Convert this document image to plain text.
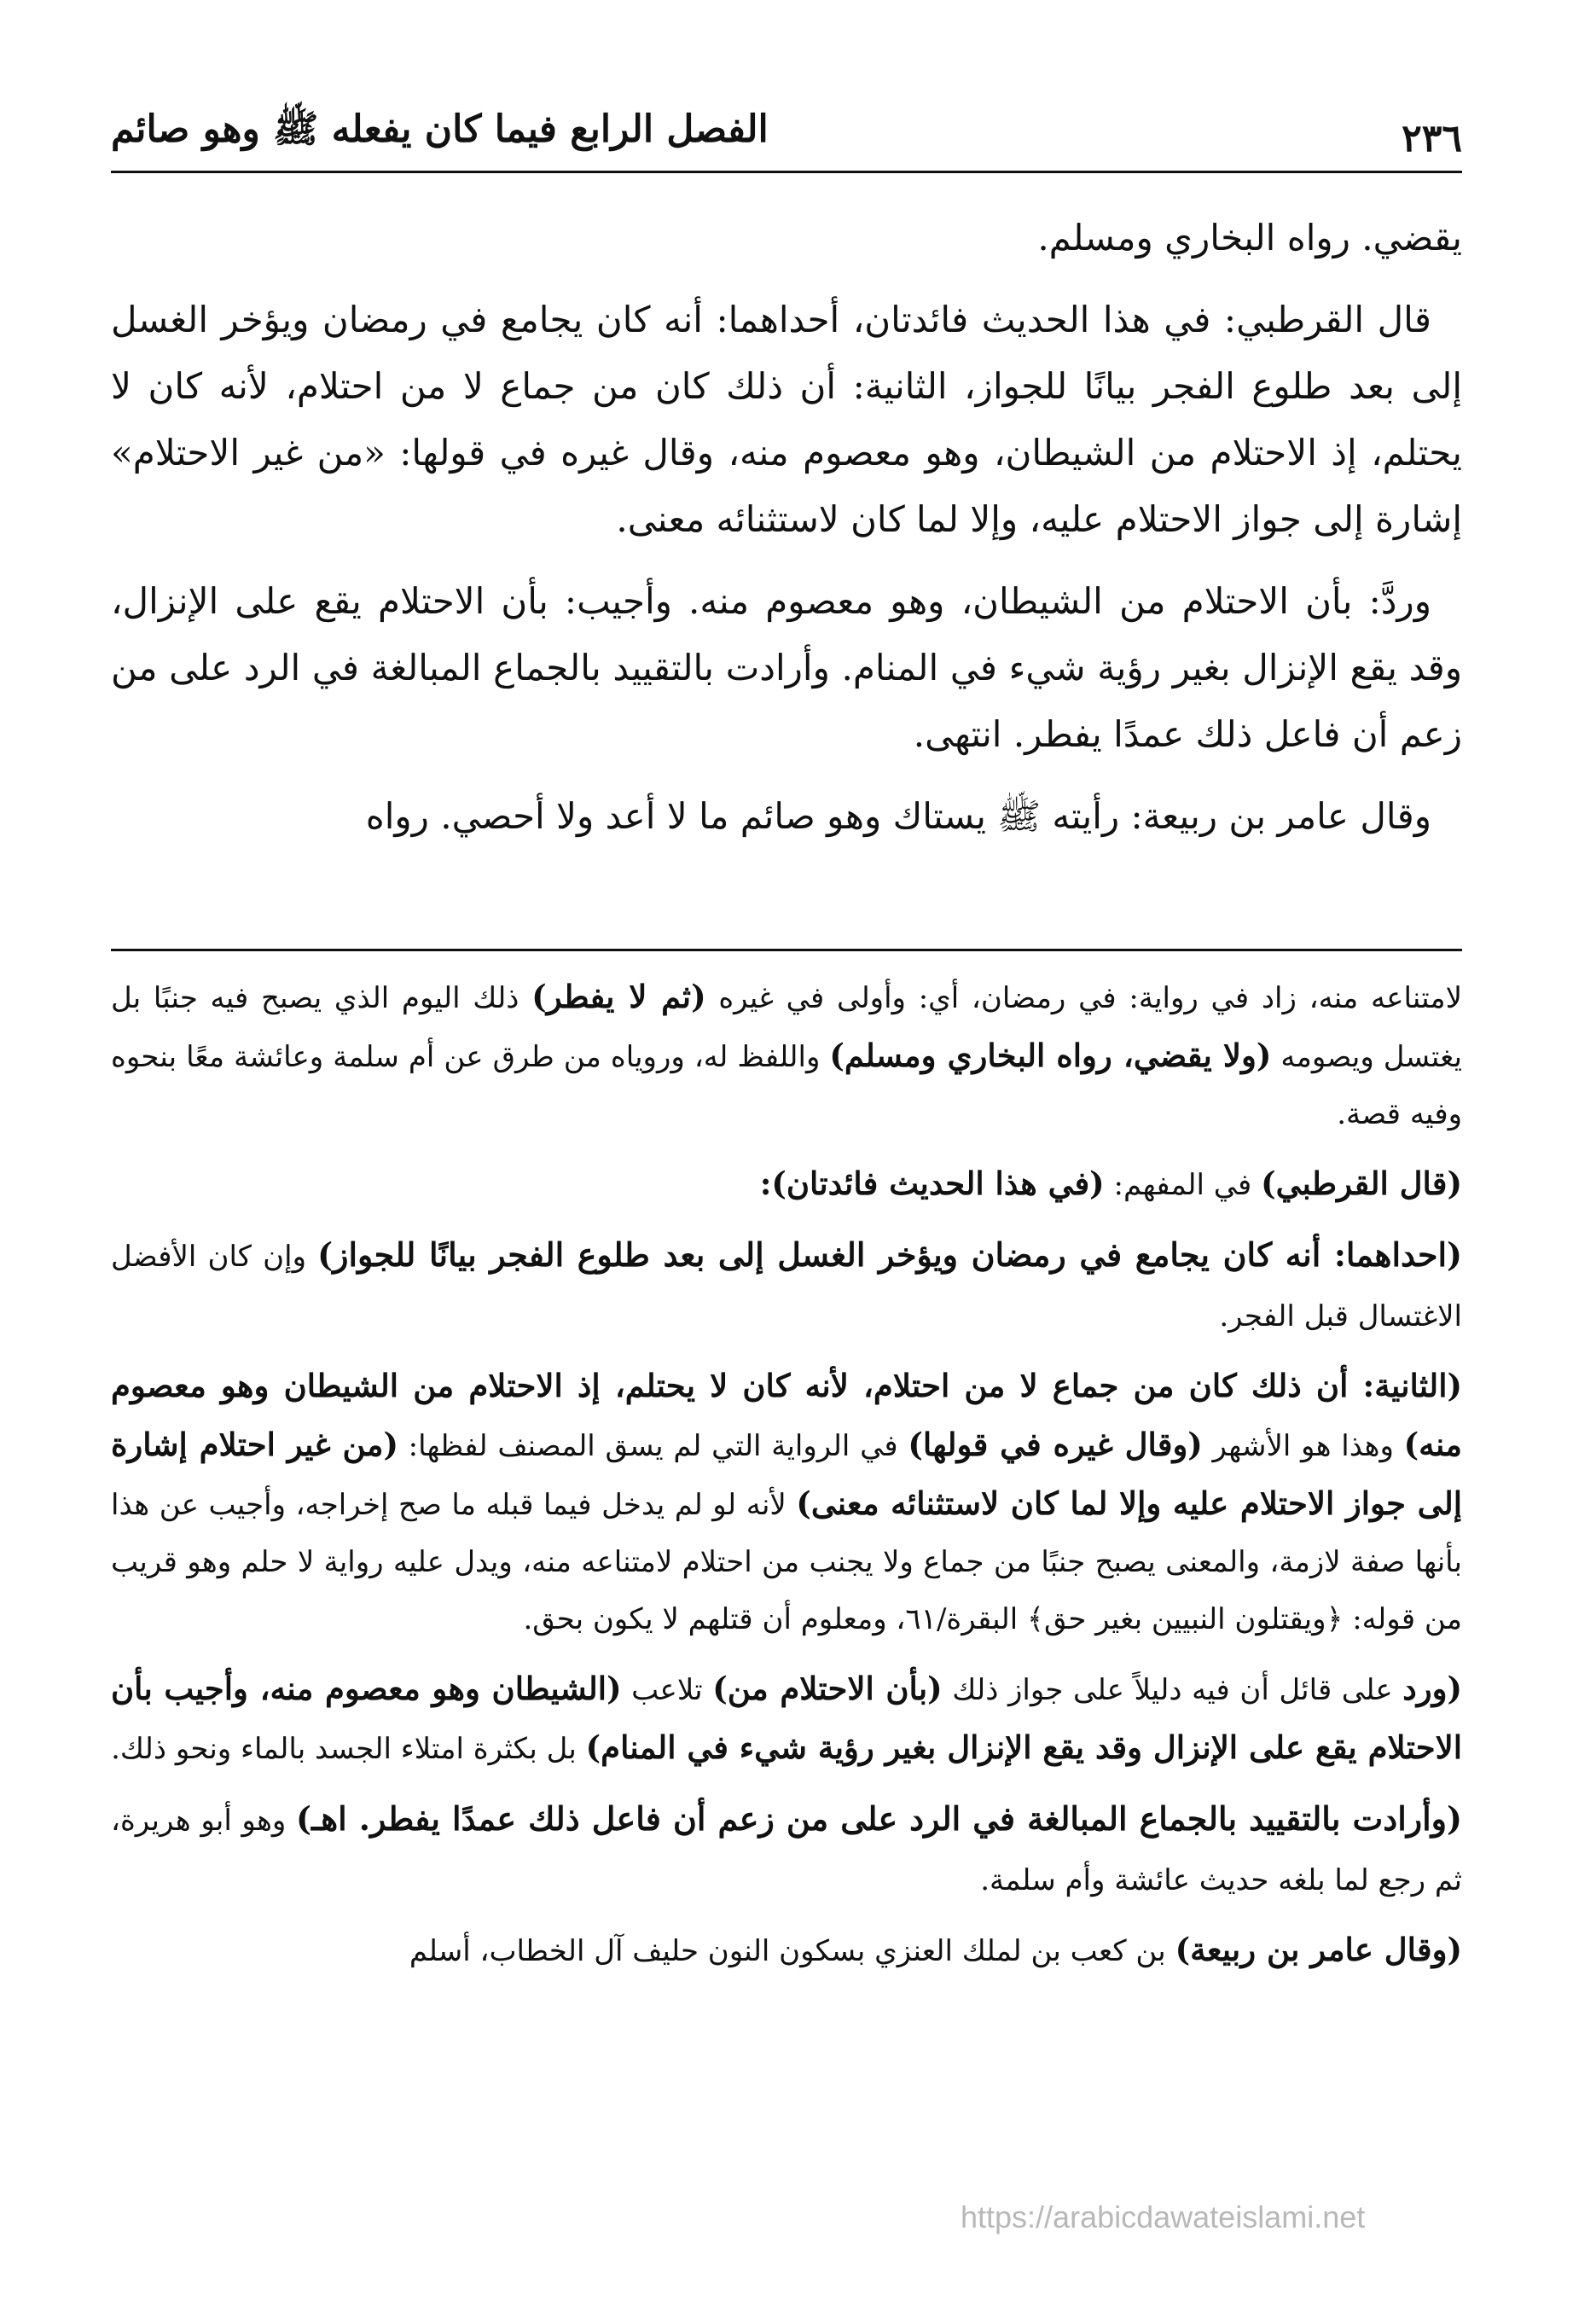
٢٣٦
الفصل الرابع فيما كان يفعله ﷺ وهو صائم

يقضي. رواه البخاري ومسلم.

قال القرطبي: في هذا الحديث فائدتان، أحداهما: أنه كان يجامع في رمضان ويؤخر الغسل إلى بعد طلوع الفجر بيانًا للجواز، الثانية: أن ذلك كان من جماع لا من احتلام، لأنه كان لا يحتلم، إذ الاحتلام من الشيطان، وهو معصوم منه، وقال غيره في قولها: «من غير الاحتلام» إشارة إلى جواز الاحتلام عليه، وإلا لما كان لاستثنائه معنى.

وردَّ: بأن الاحتلام من الشيطان، وهو معصوم منه. وأجيب: بأن الاحتلام يقع على الإنزال، وقد يقع الإنزال بغير رؤية شيء في المنام. وأرادت بالتقييد بالجماع المبالغة في الرد على من زعم أن فاعل ذلك عمدًا يفطر. انتهى.

وقال عامر بن ربيعة: رأيته ﷺ يستاك وهو صائم ما لا أعد ولا أحصي. رواه

لامتناعه منه، زاد في رواية: في رمضان، أي: وأولى في غيره (ثم لا يفطر) ذلك اليوم الذي يصبح فيه جنبًا بل يغتسل ويصومه (ولا يقضي، رواه البخاري ومسلم) واللفظ له، وروياه من طرق عن أم سلمة وعائشة معًا بنحوه وفيه قصة.

(قال القرطبي) في المفهم: (في هذا الحديث فائدتان):

(احداهما: أنه كان يجامع في رمضان ويؤخر الغسل إلى بعد طلوع الفجر بيانًا للجواز) وإن كان الأفضل الاغتسال قبل الفجر.

(الثانية: أن ذلك كان من جماع لا من احتلام، لأنه كان لا يحتلم، إذ الاحتلام من الشيطان وهو معصوم منه) وهذا هو الأشهر (وقال غيره في قولها) في الرواية التي لم يسق المصنف لفظها: (من غير احتلام إشارة إلى جواز الاحتلام عليه وإلا لما كان لاستثنائه معنى) لأنه لو لم يدخل فيما قبله ما صح إخراجه، وأجيب عن هذا بأنها صفة لازمة، والمعنى يصبح جنبًا من جماع ولا يجنب من احتلام لامتناعه منه، ويدل عليه رواية لا حلم وهو قريب من قوله: ﴿ويقتلون النبيين بغير حق﴾ البقرة/٦١، ومعلوم أن قتلهم لا يكون بحق.

(ورد على قائل أن فيه دليلاً على جواز ذلك (بأن الاحتلام من) تلاعب (الشيطان وهو معصوم منه، وأجيب بأن الاحتلام يقع على الإنزال وقد يقع الإنزال بغير رؤية شيء في المنام) بل بكثرة امتلاء الجسد بالماء ونحو ذلك.

(وأرادت بالتقييد بالجماع المبالغة في الرد على من زعم أن فاعل ذلك عمدًا يفطر. اهـ) وهو أبو هريرة، ثم رجع لما بلغه حديث عائشة وأم سلمة.

(وقال عامر بن ربيعة) بن كعب بن لملك العنزي بسكون النون حليف آل الخطاب، أسلم

https://arabicdawateislami.net
